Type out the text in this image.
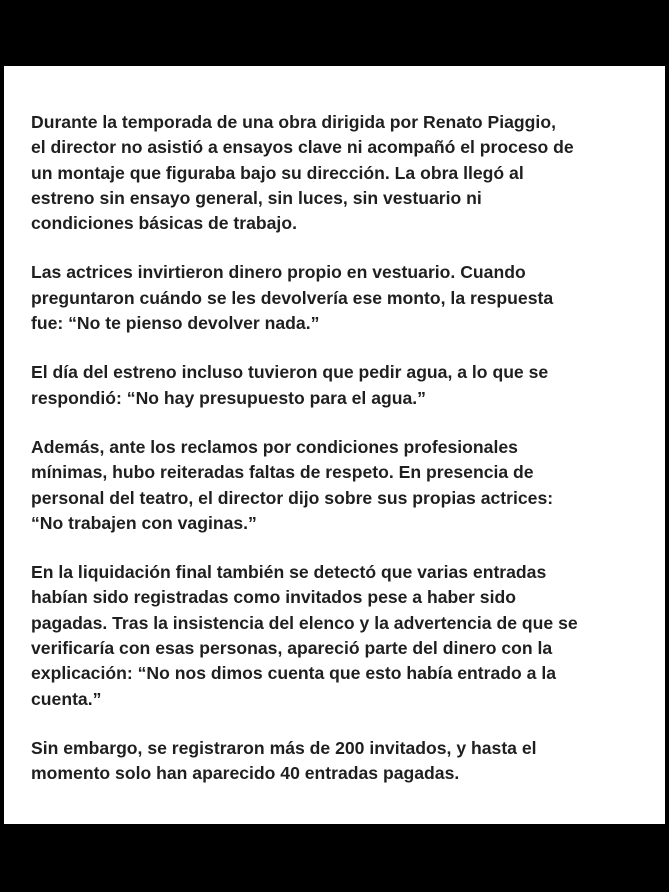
Durante la temporada de una obra dirigida por Renato Piaggio,
el director no asistió a ensayos clave ni acompañó el proceso de
un montaje que figuraba bajo su dirección. La obra llegó al
estreno sin ensayo general, sin luces, sin vestuario ni
condiciones básicas de trabajo.

Las actrices invirtieron dinero propio en vestuario. Cuando
preguntaron cuándo se les devolvería ese monto, la respuesta
fue: “No te pienso devolver nada.”

El día del estreno incluso tuvieron que pedir agua, a lo que se
respondió: “No hay presupuesto para el agua.”

Además, ante los reclamos por condiciones profesionales
mínimas, hubo reiteradas faltas de respeto. En presencia de
personal del teatro, el director dijo sobre sus propias actrices:
“No trabajen con vaginas.”

En la liquidación final también se detectó que varias entradas
habían sido registradas como invitados pese a haber sido
pagadas. Tras la insistencia del elenco y la advertencia de que se
verificaría con esas personas, apareció parte del dinero con la
explicación: “No nos dimos cuenta que esto había entrado a la
cuenta.”

Sin embargo, se registraron más de 200 invitados, y hasta el
momento solo han aparecido 40 entradas pagadas.
